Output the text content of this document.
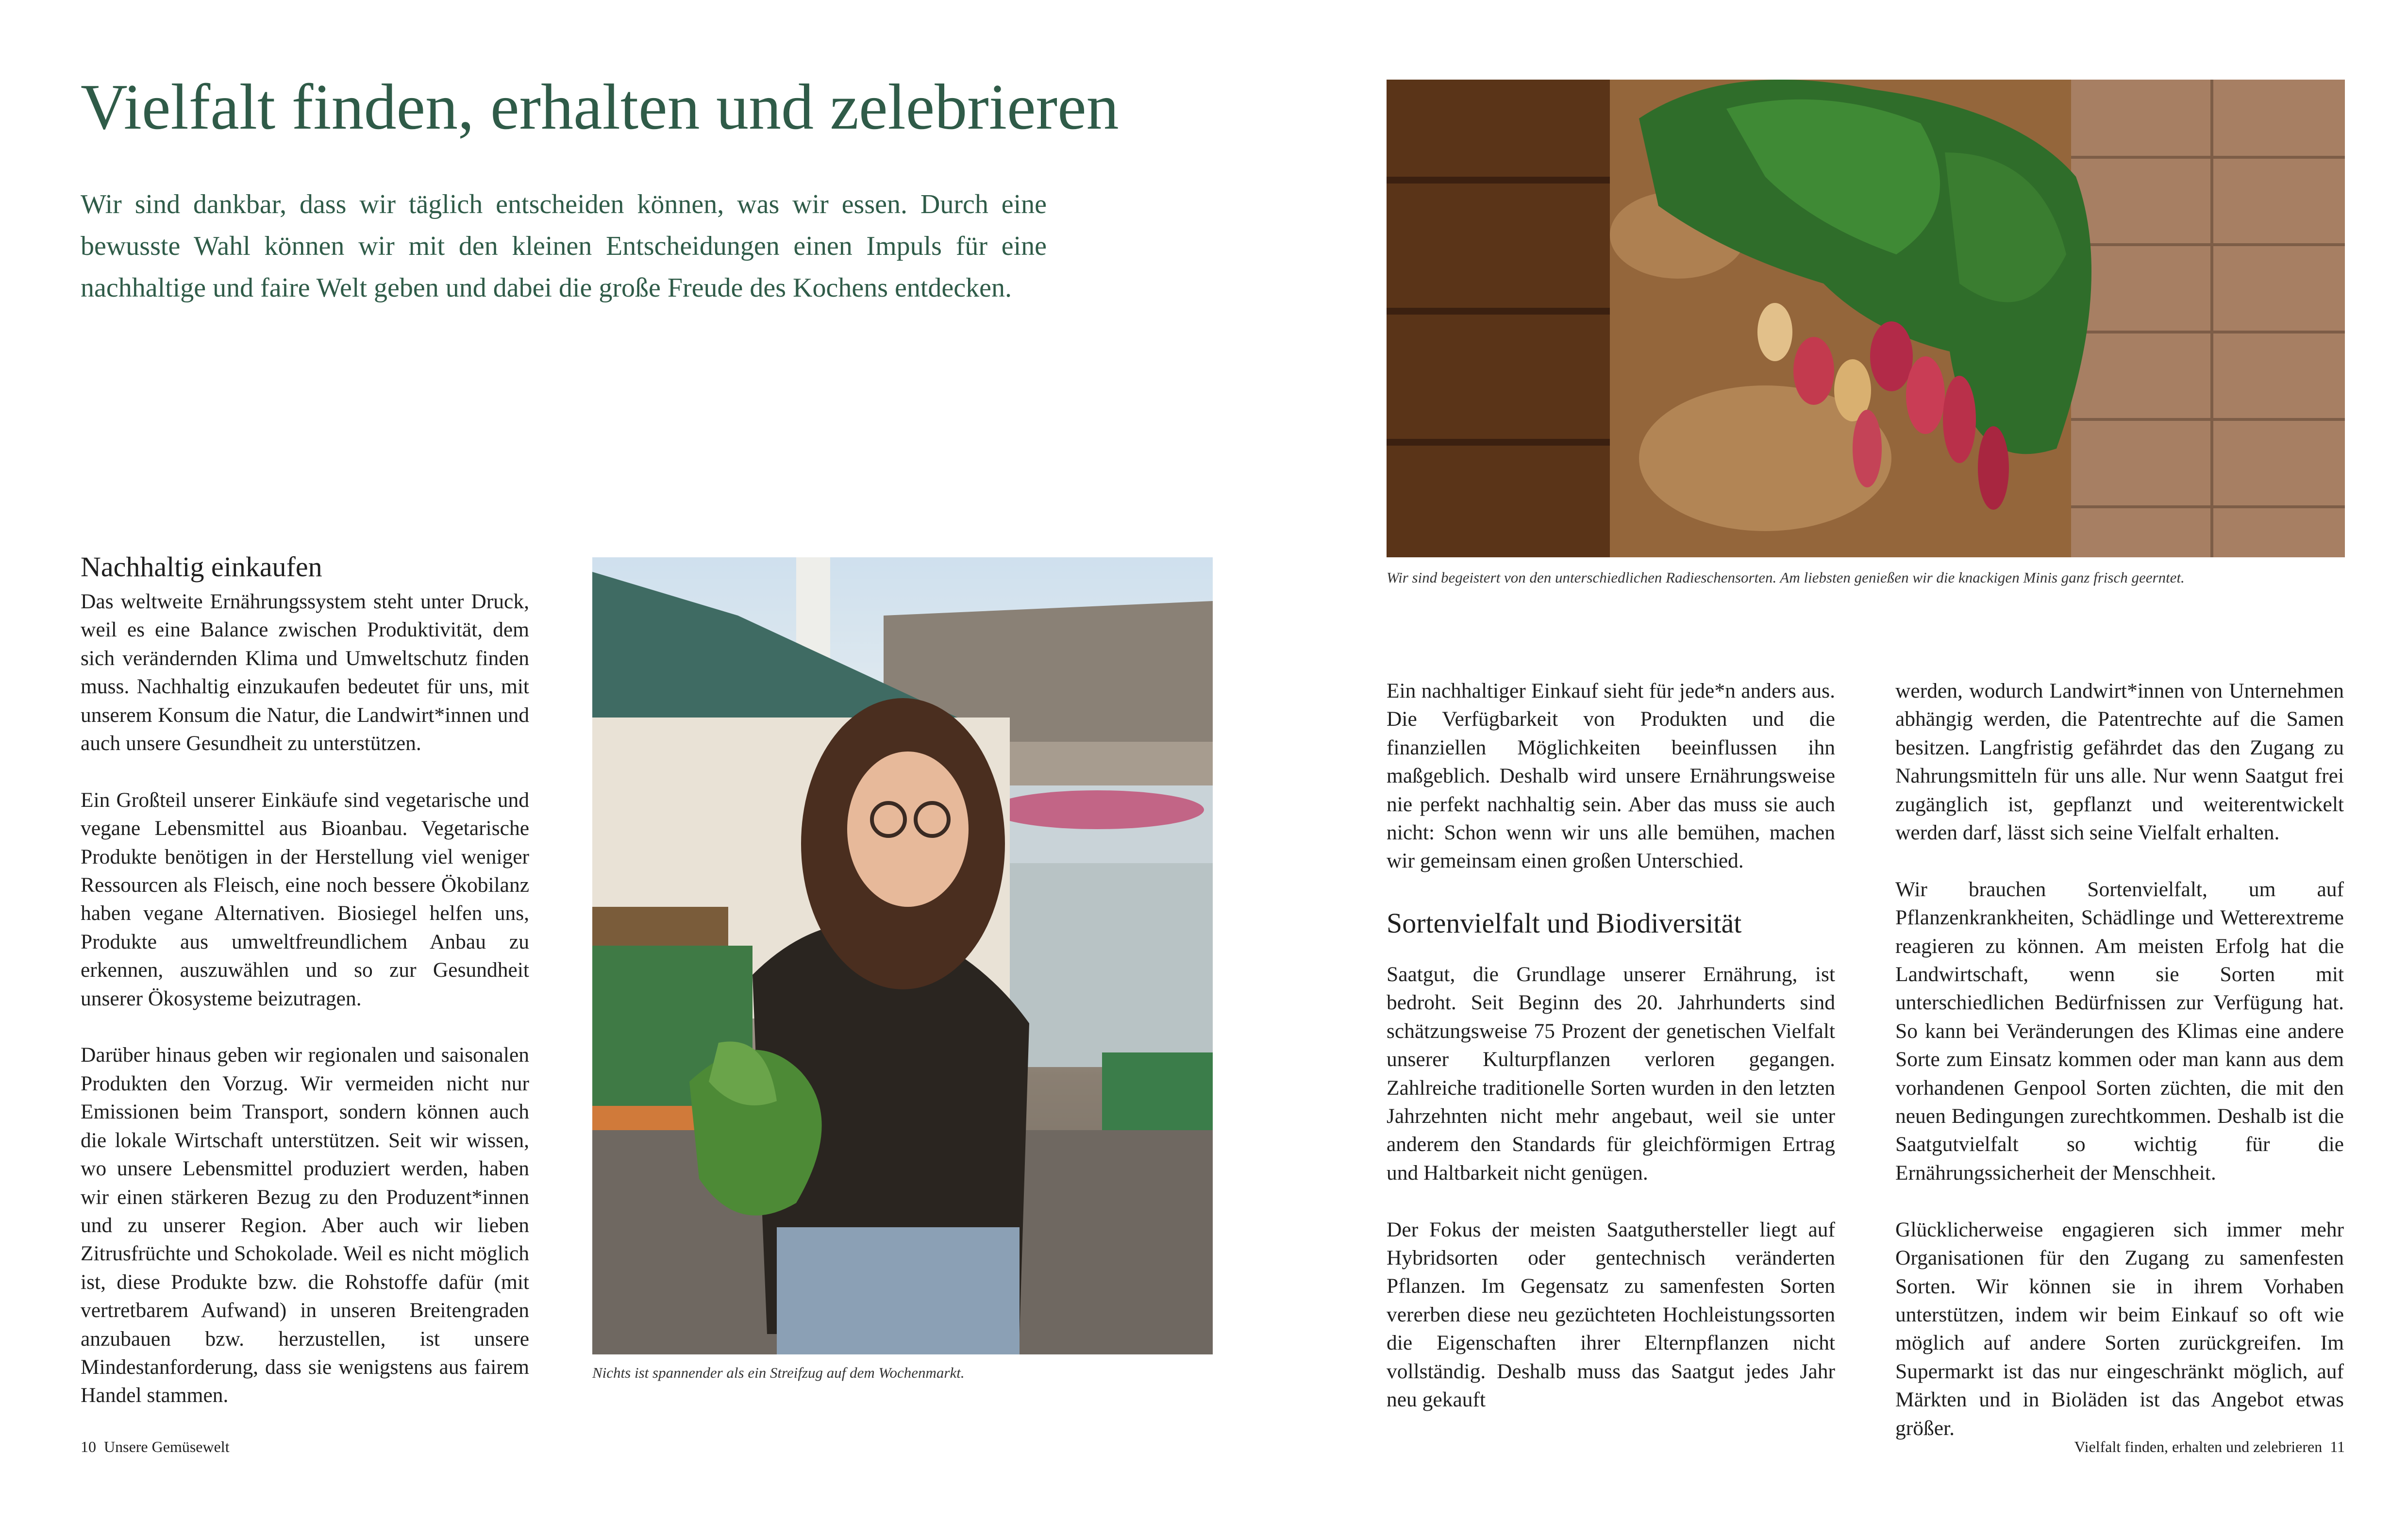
Vielfalt finden, erhalten und zelebrieren
Wir sind dankbar, dass wir täglich entscheiden können, was wir essen. Durch eine bewusste Wahl können wir mit den kleinen Entscheidungen einen Impuls für eine nachhaltige und faire Welt geben und dabei die große Freude des Kochens entdecken.
Nachhaltig einkaufen

Das weltweite Ernährungssystem steht unter Druck, weil es eine Balance zwischen Produktivität, dem sich verändernden Klima und Umweltschutz finden muss. Nachhaltig einzukaufen bedeutet für uns, mit unserem Konsum die Natur, die Landwirt*innen und auch unsere Gesundheit zu unterstützen.

Ein Großteil unserer Einkäufe sind vegetarische und vegane Lebensmittel aus Bioanbau. Vegetarische Produkte benötigen in der Herstellung viel weniger Ressourcen als Fleisch, eine noch bessere Ökobilanz haben vegane Alternativen. Biosiegel helfen uns, Produkte aus umweltfreundlichem Anbau zu erkennen, auszuwählen und so zur Gesundheit unserer Ökosysteme beizutragen.

Darüber hinaus geben wir regionalen und saisonalen Produkten den Vorzug. Wir vermeiden nicht nur Emissionen beim Transport, sondern können auch die lokale Wirtschaft unterstützen. Seit wir wissen, wo unsere Lebensmittel produziert werden, haben wir einen stärkeren Bezug zu den Produzent*innen und zu unserer Region. Aber auch wir lieben Zitrusfrüchte und Schokolade. Weil es nicht möglich ist, diese Produkte bzw. die Rohstoffe dafür (mit vertretbarem Aufwand) in unseren Breitengraden anzubauen bzw. herzustellen, ist unsere Mindestanforderung, dass sie wenigstens aus fairem Handel stammen.

Nichts ist spannender als ein Streifzug auf dem Wochenmarkt.
Wir sind begeistert von den unterschiedlichen Radieschensorten. Am liebsten genießen wir die knackigen Minis ganz frisch geerntet.
Ein nachhaltiger Einkauf sieht für jede*n anders aus. Die Verfügbarkeit von Produkten und die finanziellen Möglichkeiten beeinflussen ihn maßgeblich. Deshalb wird unsere Ernährungsweise nie perfekt nachhaltig sein. Aber das muss sie auch nicht: Schon wenn wir uns alle bemühen, machen wir gemeinsam einen großen Unterschied.
Sortenvielfalt und Biodiversität

Saatgut, die Grundlage unserer Ernährung, ist bedroht. Seit Beginn des 20. Jahrhunderts sind schätzungsweise 75 Prozent der genetischen Vielfalt unserer Kulturpflanzen verloren gegangen. Zahlreiche traditionelle Sorten wurden in den letzten Jahrzehnten nicht mehr angebaut, weil sie unter anderem den Standards für gleichförmigen Ertrag und Haltbarkeit nicht genügen.

Der Fokus der meisten Saatguthersteller liegt auf Hybridsorten oder gentechnisch veränderten Pflanzen. Im Gegensatz zu samenfesten Sorten vererben diese neu gezüchteten Hochleistungssorten die Eigenschaften ihrer Elternpflanzen nicht vollständig. Deshalb muss das Saatgut jedes Jahr neu gekauft

werden, wodurch Landwirt*innen von Unternehmen abhängig werden, die Patentrechte auf die Samen besitzen. Langfristig gefährdet das den Zugang zu Nahrungsmitteln für uns alle. Nur wenn Saatgut frei zugänglich ist, gepflanzt und weiterentwickelt werden darf, lässt sich seine Vielfalt erhalten.

Wir brauchen Sortenvielfalt, um auf Pflanzenkrankheiten, Schädlinge und Wetterextreme reagieren zu können. Am meisten Erfolg hat die Landwirtschaft, wenn sie Sorten mit unterschiedlichen Bedürfnissen zur Verfügung hat. So kann bei Veränderungen des Klimas eine andere Sorte zum Einsatz kommen oder man kann aus dem vorhandenen Genpool Sorten züchten, die mit den neuen Bedingungen zurechtkommen. Deshalb ist die Saatgutvielfalt so wichtig für die Ernährungssicherheit der Menschheit.

Glücklicherweise engagieren sich immer mehr Organisationen für den Zugang zu samenfesten Sorten. Wir können sie in ihrem Vorhaben unterstützen, indem wir beim Einkauf so oft wie möglich auf andere Sorten zurückgreifen. Im Supermarkt ist das nur eingeschränkt möglich, auf Märkten und in Bioläden ist das Angebot etwas größer.

10 Unsere Gemüsewelt	Vielfalt finden, erhalten und zelebrieren 11
